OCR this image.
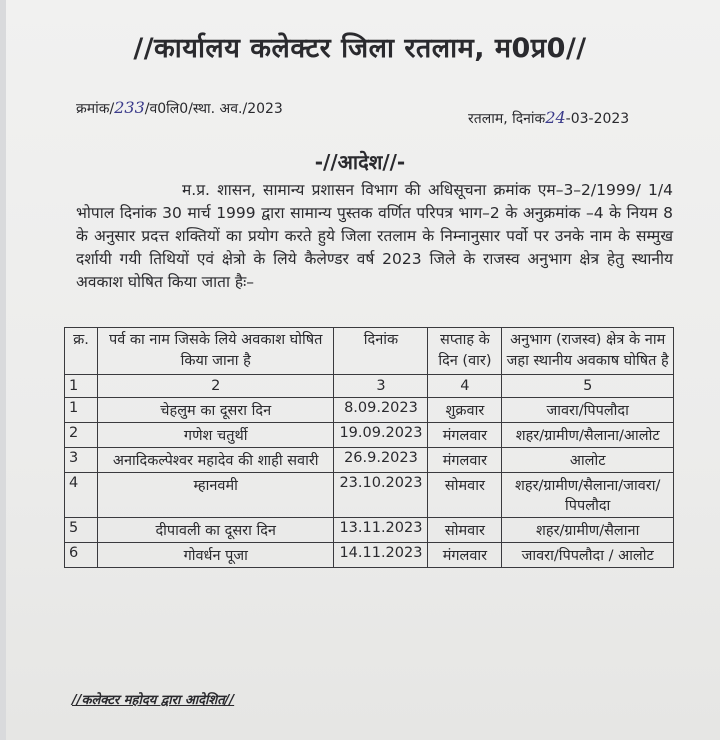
//कार्यालय कलेक्टर जिला रतलाम, म0प्र0//
क्रमांक/233/व0लि0/स्था. अव./2023
रतलाम, दिनांक24-03-2023
-//आदेश//-
म.प्र. शासन, सामान्य प्रशासन विभाग की अधिसूचना क्रमांक एम–3–2/1999/ 1/4 भोपाल दिनांक 30 मार्च 1999 द्वारा सामान्य पुस्तक वर्णित परिपत्र भाग–2 के अनुक्रमांक –4 के नियम 8 के अनुसार प्रदत्त शक्तियों का प्रयोग करते हुये जिला रतलाम के निम्नानुसार पर्वो पर उनके नाम के सम्मुख दर्शायी गयी तिथियों एवं क्षेत्रो के लिये कैलेण्डर वर्ष 2023 जिले के राजस्व अनुभाग क्षेत्र हेतु स्थानीय अवकाश घोषित किया जाता हैः–
क्र.	पर्व का नाम जिसके लिये अवकाश घोषित किया जाना है	दिनांक	सप्ताह के दिन (वार)	अनुभाग (राजस्व) क्षेत्र के नाम जहा स्थानीय अवकाष घोषित है
1	2	3	4	5
1	चेहलुम का दूसरा दिन	8.09.2023	शुक्रवार	जावरा/पिपलौदा
2	गणेश चतुर्थी	19.09.2023	मंगलवार	शहर/ग्रामीण/सैलाना/आलोट
3	अनादिकल्पेश्वर महादेव की शाही सवारी	26.9.2023	मंगलवार	आलोट
4	म्हानवमी	23.10.2023	सोमवार	शहर/ग्रामीण/सैलाना/जावरा/पिपलौदा
5	दीपावली का दूसरा दिन	13.11.2023	सोमवार	शहर/ग्रामीण/सैलाना
6	गोवर्धन पूजा	14.11.2023	मंगलवार	जावरा/पिपलौदा / आलोट
//कलेक्टर महोदय द्वारा आदेशित//
